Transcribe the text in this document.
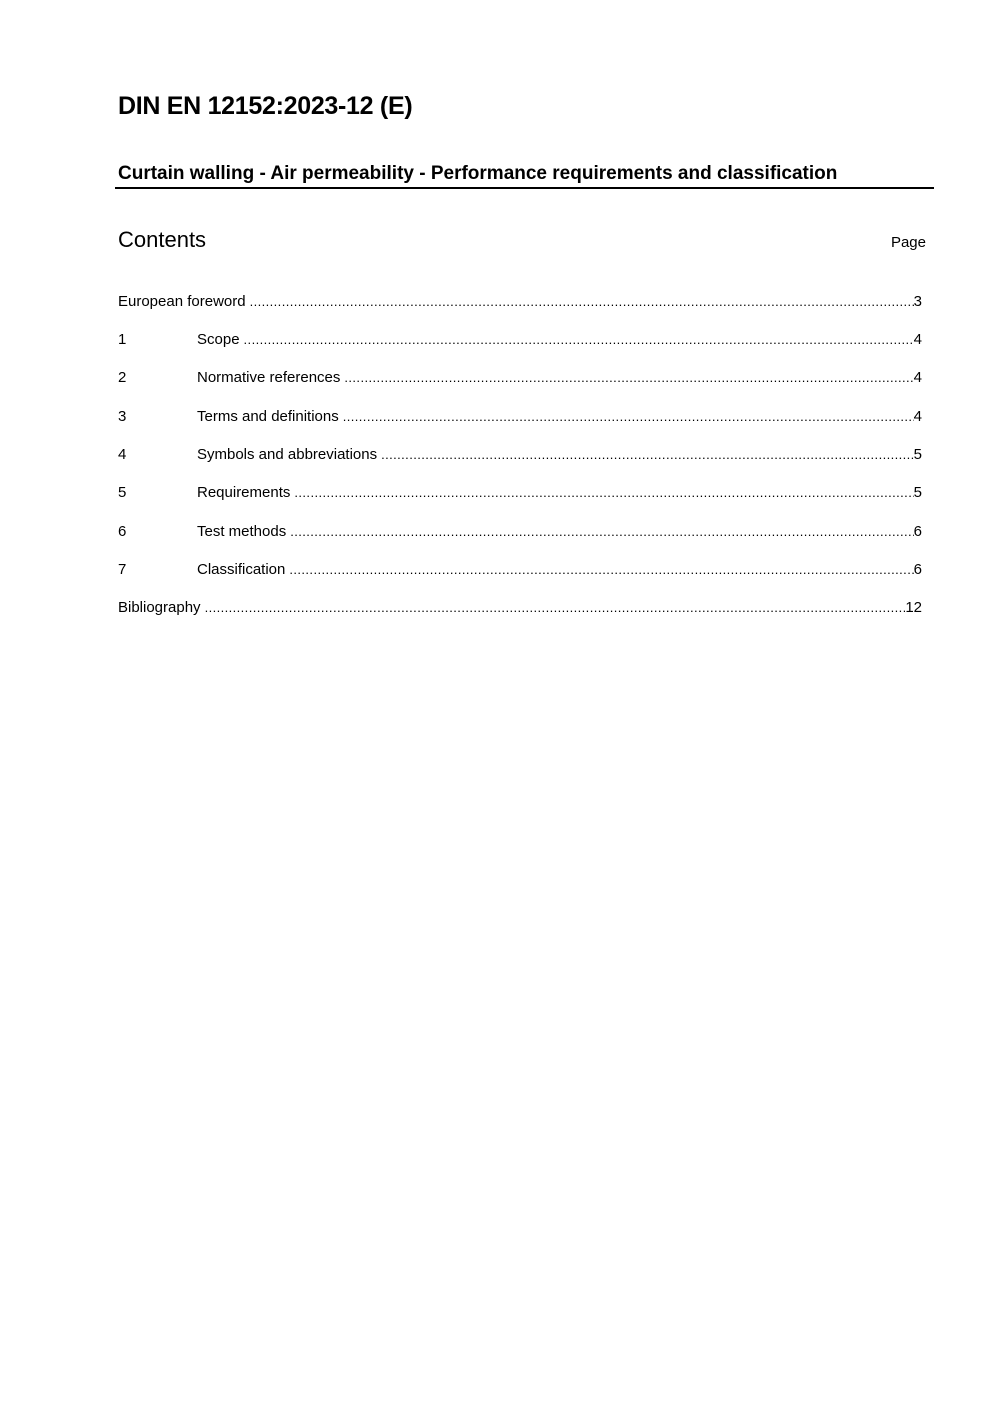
DIN EN 12152:2023-12 (E)
Curtain walling - Air permeability - Performance requirements and classification
Contents	Page
European foreword .....	3
1	Scope .....	4
2	Normative references .....	4
3	Terms and definitions .....	4
4	Symbols and abbreviations .....	5
5	Requirements .....	5
6	Test methods .....	6
7	Classification .....	6
Bibliography .....	12
